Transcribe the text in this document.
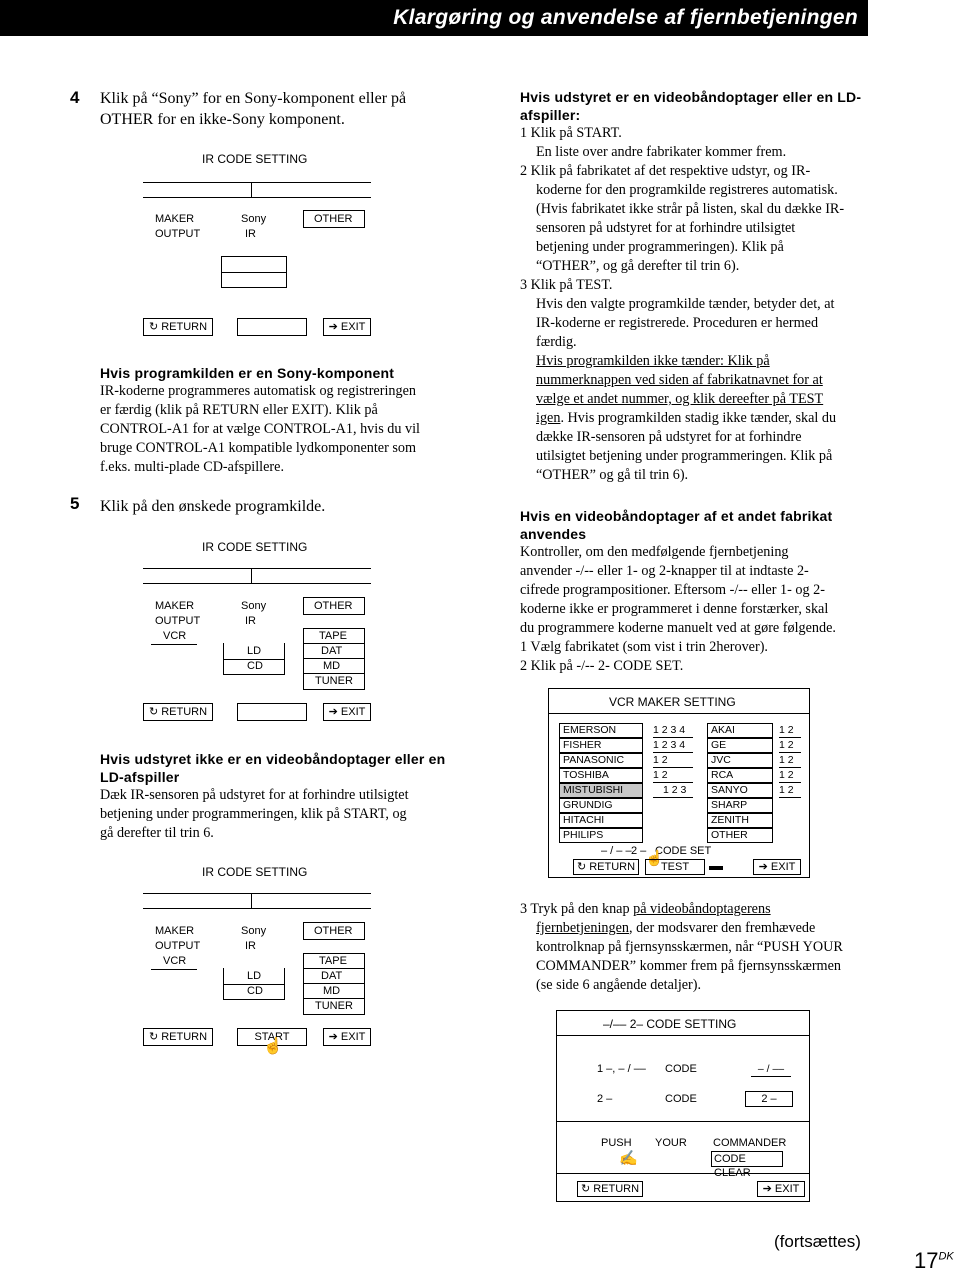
Klargøring og anvendelse af fjernbetjeningen
4 Klik på “Sony” for en Sony-komponent eller på

OTHER for en ikke-Sony komponent.

IR CODE SETTING
MAKER
OUTPUT
Sony
IR
OTHER
↻ RETURN	➔ EXIT
Hvis programkilden er en Sony-komponent

IR-koderne programmeres automatisk og registreringen

er færdig (klik på RETURN eller EXIT). Klik på

CONTROL-A1 for at vælge CONTROL-A1, hvis du vil

bruge CONTROL-A1 kompatible lydkomponenter som

f.eks. multi-plade CD-afspillere.

5 Klik på den ønskede programkilde.
IR CODE SETTING
MAKER
OUTPUT
VCR
Sony
IR
LD
CD
OTHER
TAPE
DAT
MD
TUNER
↻ RETURN	➔ EXIT
Hvis udstyret ikke er en videobåndoptager eller en
LD-afspiller

Dæk IR-sensoren på udstyret for at forhindre utilsigtet

betjening under programmeringen, klik på START, og

gå derefter til trin 6.

IR CODE SETTING
MAKER
OUTPUT
VCR
Sony
IR
LD
CD
OTHER
TAPE
DAT
MD
TUNER
↻ RETURN	START
☝
➔ EXIT
Hvis udstyret er en videobåndoptager eller en LD-
afspiller:

1 Klik på START.

En liste over andre fabrikater kommer frem.

2 Klik på fabrikatet af det respektive udstyr, og IR-

koderne for den programkilde registreres automatisk.

(Hvis fabrikatet ikke strår på listen, skal du dække IR-

sensoren på udstyret for at forhindre utilsigtet

betjening under programmeringen). Klik på

“OTHER”, og gå derefter til trin 6).

3 Klik på TEST.

Hvis den valgte programkilde tænder, betyder det, at

IR-koderne er registrerede. Proceduren er hermed

færdig.

Hvis programkilden ikke tænder: Klik på

nummerknappen ved siden af fabrikatnavnet for at

vælge et andet nummer, og klik dereefter på TEST

igen. Hvis programkilden stadig ikke tænder, skal du

dække IR-sensoren på udstyret for at forhindre

utilsigtet betjening under programmeringen. Klik på

“OTHER” og gå til trin 6).

Hvis en videobåndoptager af et andet fabrikat
anvendes

Kontroller, om den medfølgende fjernbetjening

anvender -/-- eller 1- og 2-knapper til at indtaste 2-

cifrede programpositioner. Eftersom -/-- eller 1- og 2-

koderne ikke er programmeret i denne forstærker, skal

du programmere koderne manuelt ved at gøre følgende.

1 Vælg fabrikatet (som vist i trin 2herover).

2 Klik på -/-- 2- CODE SET.

VCR MAKER SETTING
EMERSON	1 2 3 4
FISHER	1 2 3 4
PANASONIC	1 2
TOSHIBA	1 2
MISTUBISHI	1 2 3
GRUNDIG
HITACHI
PHILIPS
AKAI	1 2
GE	1 2
JVC	1 2
RCA	1 2
SANYO	1 2
SHARP
ZENITH
OTHER
– / – – 2 – CODE SET
☝
↻ RETURN	TEST	➔ EXIT

3 Tryk på den knap på videobåndoptagerens

fjernbetjeningen, der modsvarer den fremhævede

kontrolknap på fjernsynsskærmen, når “PUSH YOUR

COMMANDER” kommer frem på fjernsynsskærmen

(se side 6 angående detaljer).

–/–– 2– CODE SETTING
1 –, – / –– CODE	– / ––
2 –	CODE	2 –
PUSH YOUR COMMANDER
✍	CODE CLEAR
↻ RETURN	➔ EXIT
(fortsættes)
$17^{DK}$
